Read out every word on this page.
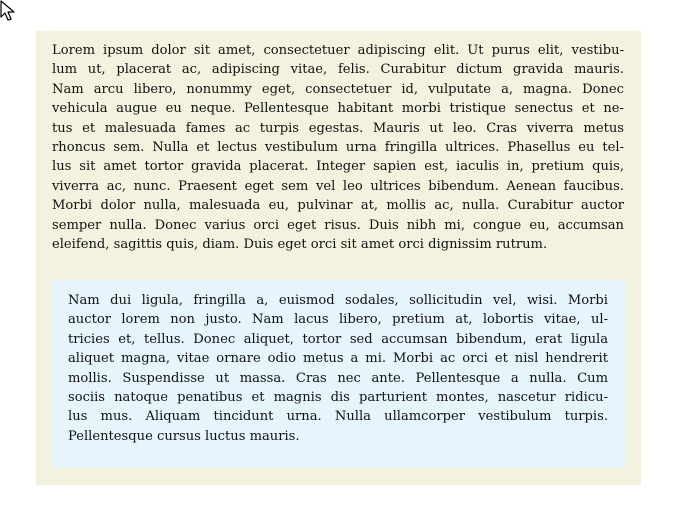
Lorem ipsum dolor sit amet, consectetuer adipiscing elit. Ut purus elit, vestibu-
lum ut, placerat ac, adipiscing vitae, felis. Curabitur dictum gravida mauris.
Nam arcu libero, nonummy eget, consectetuer id, vulputate a, magna. Donec
vehicula augue eu neque. Pellentesque habitant morbi tristique senectus et ne-
tus et malesuada fames ac turpis egestas. Mauris ut leo. Cras viverra metus
rhoncus sem. Nulla et lectus vestibulum urna fringilla ultrices. Phasellus eu tel-
lus sit amet tortor gravida placerat. Integer sapien est, iaculis in, pretium quis,
viverra ac, nunc. Praesent eget sem vel leo ultrices bibendum. Aenean faucibus.
Morbi dolor nulla, malesuada eu, pulvinar at, mollis ac, nulla. Curabitur auctor
semper nulla. Donec varius orci eget risus. Duis nibh mi, congue eu, accumsan
eleifend, sagittis quis, diam. Duis eget orci sit amet orci dignissim rutrum.
Nam dui ligula, fringilla a, euismod sodales, sollicitudin vel, wisi. Morbi
auctor lorem non justo. Nam lacus libero, pretium at, lobortis vitae, ul-
tricies et, tellus. Donec aliquet, tortor sed accumsan bibendum, erat ligula
aliquet magna, vitae ornare odio metus a mi. Morbi ac orci et nisl hendrerit
mollis. Suspendisse ut massa. Cras nec ante. Pellentesque a nulla. Cum
sociis natoque penatibus et magnis dis parturient montes, nascetur ridicu-
lus mus. Aliquam tincidunt urna. Nulla ullamcorper vestibulum turpis.
Pellentesque cursus luctus mauris.
